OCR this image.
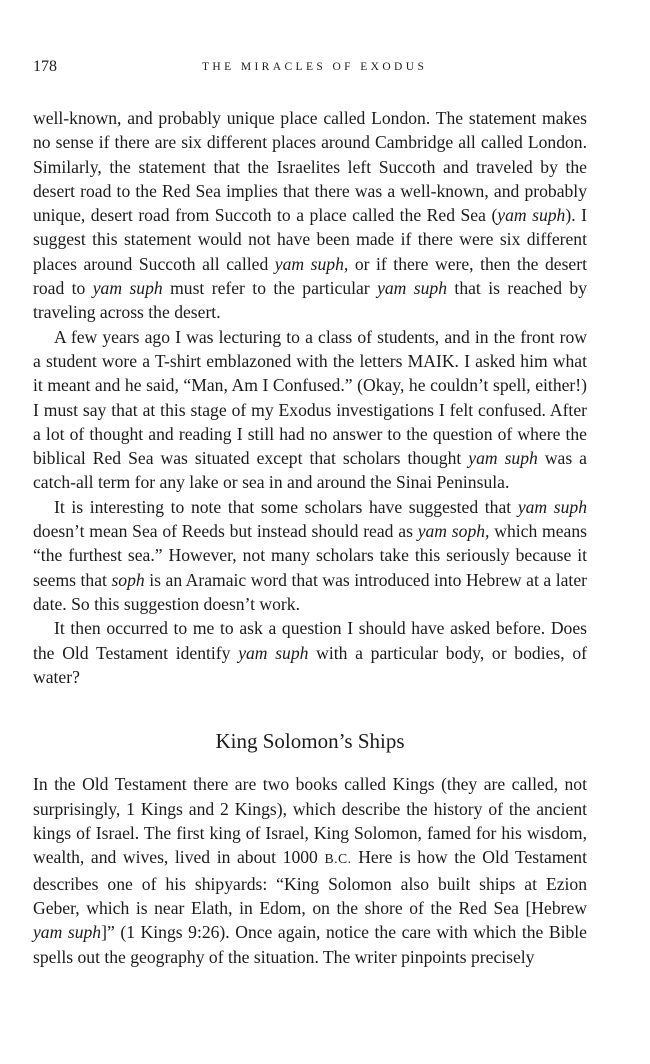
178	THE MIRACLES OF EXODUS

well-known, and probably unique place called London. The statement makes no sense if there are six different places around Cambridge all called London. Similarly, the statement that the Israelites left Succoth and traveled by the desert road to the Red Sea implies that there was a well-known, and probably unique, desert road from Succoth to a place called the Red Sea (yam suph). I suggest this statement would not have been made if there were six different places around Succoth all called yam suph, or if there were, then the desert road to yam suph must refer to the particular yam suph that is reached by traveling across the desert.

A few years ago I was lecturing to a class of students, and in the front row a student wore a T-shirt emblazoned with the letters MAIK. I asked him what it meant and he said, “Man, Am I Confused.” (Okay, he couldn’t spell, either!) I must say that at this stage of my Exodus investigations I felt confused. After a lot of thought and reading I still had no answer to the question of where the biblical Red Sea was situated except that scholars thought yam suph was a catch-all term for any lake or sea in and around the Sinai Peninsula.

It is interesting to note that some scholars have suggested that yam suph doesn’t mean Sea of Reeds but instead should read as yam soph, which means “the furthest sea.” However, not many scholars take this seriously because it seems that soph is an Aramaic word that was introduced into Hebrew at a later date. So this suggestion doesn’t work.

It then occurred to me to ask a question I should have asked before. Does the Old Testament identify yam suph with a particular body, or bodies, of water?

King Solomon’s Ships

In the Old Testament there are two books called Kings (they are called, not surprisingly, 1 Kings and 2 Kings), which describe the history of the ancient kings of Israel. The first king of Israel, King Solomon, famed for his wisdom, wealth, and wives, lived in about 1000 B.C. Here is how the Old Testament describes one of his shipyards: “King Solomon also built ships at Ezion Geber, which is near Elath, in Edom, on the shore of the Red Sea [Hebrew yam suph]” (1 Kings 9:26). Once again, notice the care with which the Bible spells out the geography of the situation. The writer pinpoints precisely
